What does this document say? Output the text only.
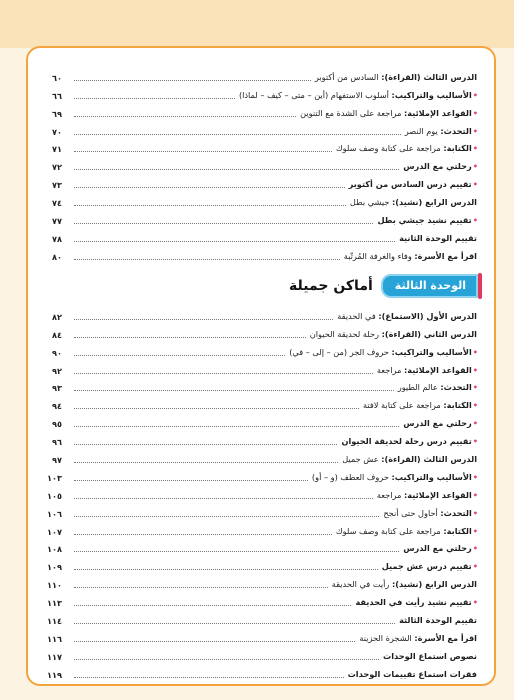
الدرس الثالث (القراءة): السادس من أكتوبر
٦٠
•الأساليب والتراكيب: أسلوب الاستفهام (أين – متى – كيف – لماذا)
٦٦
•القواعد الإملائية: مراجعة على الشدة مع التنوين
٦٩
•التحدث: يوم النصر
٧٠
•الكتابة: مراجعة على كتابة وصف سلوك
٧١
•رحلتي مع الدرس
٧٢
•تقييم درس السادس من أكتوبر
٧٣
الدرس الرابع (نشيد): جيشي بطل
٧٤
•تقييم نشيد جيشي بطل
٧٧
تقييم الوحدة الثانية
٧٨
اقرأ مع الأسرة: وفاء والغرفة المُرتّبة
٨٠
الوحدة الثالثة
أماكن جميلة
الدرس الأول (الاستماع): في الحديقة
٨٢
الدرس الثاني (القراءة): رحلة لحديقة الحيوان
٨٤
•الأساليب والتراكيب: حروف الجر (من – إلى – في)
٩٠
•القواعد الإملائية: مراجعة
٩٢
•التحدث: عالم الطيور
٩٣
•الكتابة: مراجعة على كتابة لافتة
٩٤
•رحلتي مع الدرس
٩٥
•تقييم درس رحلة لحديقة الحيوان
٩٦
الدرس الثالث (القراءة): عش جميل
٩٧
•الأساليب والتراكيب: حروف العطف (و – أو)
١٠٣
•القواعد الإملائية: مراجعة
١٠٥
•التحدث: أحاول حتى أنجح
١٠٦
•الكتابة: مراجعة على كتابة وصف سلوك
١٠٧
•رحلتي مع الدرس
١٠٨
•تقييم درس عش جميل
١٠٩
الدرس الرابع (نشيد): رأيت في الحديقة
١١٠
•تقييم نشيد رأيت في الحديقة
١١٣
تقييم الوحدة الثالثة
١١٤
اقرأ مع الأسرة: الشجرة الحزينة
١١٦
نصوص استماع الوحدات
١١٧
فقرات استماع تقييمات الوحدات
١١٩
